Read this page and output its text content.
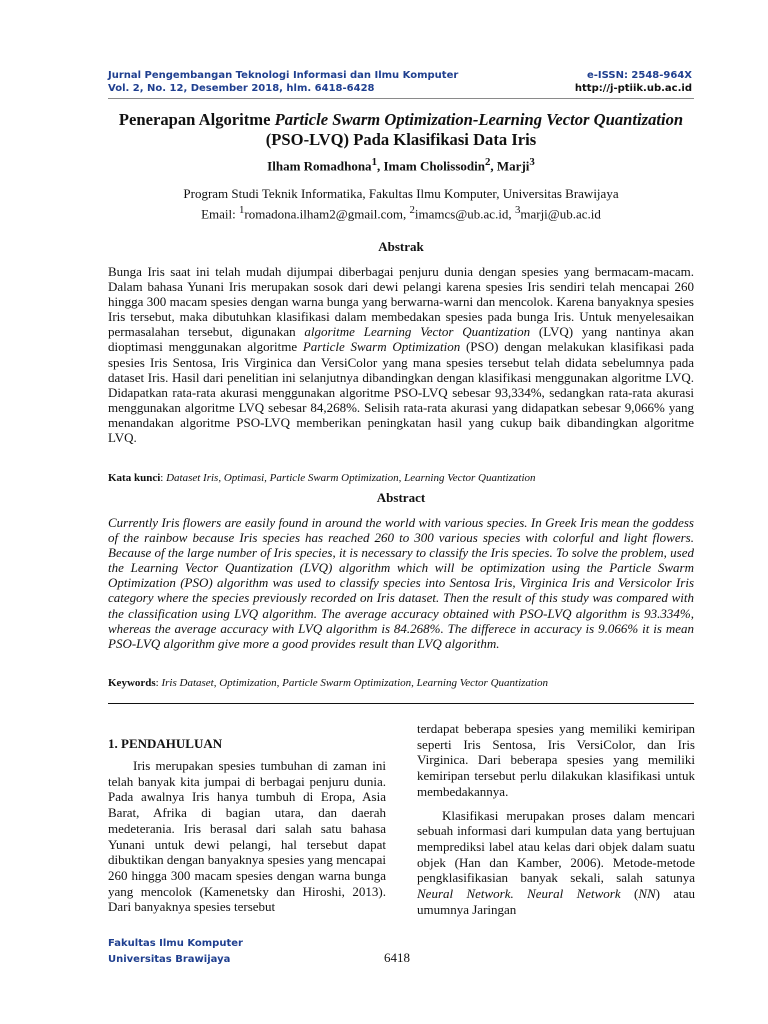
Jurnal Pengembangan Teknologi Informasi dan Ilmu Komputer
Vol. 2, No. 12, Desember 2018, hlm. 6418-6428
e-ISSN: 2548-964X
http://j-ptiik.ub.ac.id
Penerapan Algoritme Particle Swarm Optimization-Learning Vector Quantization (PSO-LVQ) Pada Klasifikasi Data Iris
Ilham Romadhona$^1$, Imam Cholissodin$^2$, Marji$^3$
Program Studi Teknik Informatika, Fakultas Ilmu Komputer, Universitas Brawijaya
Email: $^1$romadona.ilham2@gmail.com, $^2$imamcs@ub.ac.id, $^3$marji@ub.ac.id
Abstrak
Bunga Iris saat ini telah mudah dijumpai diberbagai penjuru dunia dengan spesies yang bermacam-macam. Dalam bahasa Yunani Iris merupakan sosok dari dewi pelangi karena spesies Iris sendiri telah mencapai 260 hingga 300 macam spesies dengan warna bunga yang berwarna-warni dan mencolok. Karena banyaknya spesies Iris tersebut, maka dibutuhkan klasifikasi dalam membedakan spesies pada bunga Iris. Untuk menyelesaikan permasalahan tersebut, digunakan algoritme Learning Vector Quantization (LVQ) yang nantinya akan dioptimasi menggunakan algoritme Particle Swarm Optimization (PSO) dengan melakukan klasifikasi pada spesies Iris Sentosa, Iris Virginica dan VersiColor yang mana spesies tersebut telah didata sebelumnya pada dataset Iris. Hasil dari penelitian ini selanjutnya dibandingkan dengan klasifikasi menggunakan algoritme LVQ. Didapatkan rata-rata akurasi menggunakan algoritme PSO-LVQ sebesar 93,334%, sedangkan rata-rata akurasi menggunakan algoritme LVQ sebesar 84,268%. Selisih rata-rata akurasi yang didapatkan sebesar 9,066% yang menandakan algoritme PSO-LVQ memberikan peningkatan hasil yang cukup baik dibandingkan algoritme LVQ.
Kata kunci: Dataset Iris, Optimasi, Particle Swarm Optimization, Learning Vector Quantization
Abstract
Currently Iris flowers are easily found in around the world with various species. In Greek Iris mean the goddess of the rainbow because Iris species has reached 260 to 300 various species with colorful and light flowers. Because of the large number of Iris species, it is necessary to classify the Iris species. To solve the problem, used the Learning Vector Quantization (LVQ) algorithm which will be optimization using the Particle Swarm Optimization (PSO) algorithm was used to classify species into Sentosa Iris, Virginica Iris and Versicolor Iris category where the species previously recorded on Iris dataset. Then the result of this study was compared with the classification using LVQ algorithm. The average accuracy obtained with PSO-LVQ algorithm is 93.334%, whereas the average accuracy with LVQ algorithm is 84.268%. The differece in accuracy is 9.066% it is mean PSO-LVQ algorithm give more a good provides result than LVQ algorithm.
Keywords: Iris Dataset, Optimization, Particle Swarm Optimization, Learning Vector Quantization
1. PENDAHULUAN

Iris merupakan spesies tumbuhan di zaman ini telah banyak kita jumpai di berbagai penjuru dunia. Pada awalnya Iris hanya tumbuh di Eropa, Asia Barat, Afrika di bagian utara, dan daerah medeterania. Iris berasal dari salah satu bahasa Yunani untuk dewi pelangi, hal tersebut dapat dibuktikan dengan banyaknya spesies yang mencapai 260 hingga 300 macam spesies dengan warna bunga yang mencolok (Kamenetsky dan Hiroshi, 2013). Dari banyaknya spesies tersebut

terdapat beberapa spesies yang memiliki kemiripan seperti Iris Sentosa, Iris VersiColor, dan Iris Virginica. Dari beberapa spesies yang memiliki kemiripan tersebut perlu dilakukan klasifikasi untuk membedakannya.

Klasifikasi merupakan proses dalam mencari sebuah informasi dari kumpulan data yang bertujuan memprediksi label atau kelas dari objek dalam suatu objek (Han dan Kamber, 2006). Metode-metode pengklasifikasian banyak sekali, salah satunya Neural Network. Neural Network (NN) atau umumnya Jaringan

Fakultas Ilmu Komputer
Universitas Brawijaya	6418
